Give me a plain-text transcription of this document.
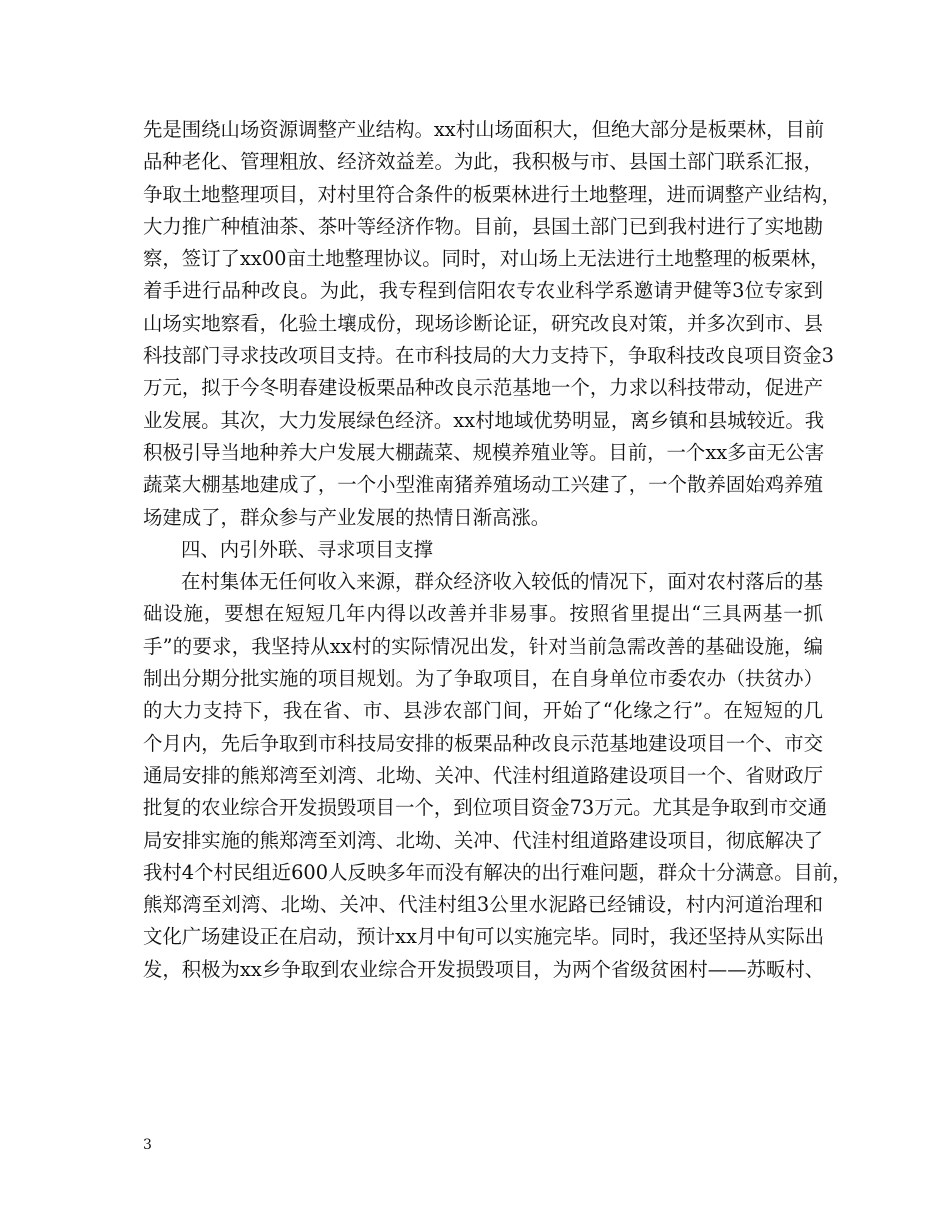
先是围绕山场资源调整产业结构。xx村山场面积大，但绝大部分是板栗林，目前
品种老化、管理粗放、经济效益差。为此，我积极与市、县国土部门联系汇报，
争取土地整理项目，对村里符合条件的板栗林进行土地整理，进而调整产业结构，
大力推广种植油茶、茶叶等经济作物。目前，县国土部门已到我村进行了实地勘
察，签订了xx00亩土地整理协议。同时，对山场上无法进行土地整理的板栗林，
着手进行品种改良。为此，我专程到信阳农专农业科学系邀请尹健等3位专家到
山场实地察看，化验土壤成份，现场诊断论证，研究改良对策，并多次到市、县
科技部门寻求技改项目支持。在市科技局的大力支持下，争取科技改良项目资金3
万元，拟于今冬明春建设板栗品种改良示范基地一个，力求以科技带动，促进产
业发展。其次，大力发展绿色经济。xx村地域优势明显，离乡镇和县城较近。我
积极引导当地种养大户发展大棚蔬菜、规模养殖业等。目前，一个xx多亩无公害
蔬菜大棚基地建成了，一个小型淮南猪养殖场动工兴建了，一个散养固始鸡养殖
场建成了，群众参与产业发展的热情日渐高涨。
四、内引外联、寻求项目支撑
在村集体无任何收入来源，群众经济收入较低的情况下，面对农村落后的基
础设施，要想在短短几年内得以改善并非易事。按照省里提出“三具两基一抓
手”的要求，我坚持从xx村的实际情况出发，针对当前急需改善的基础设施，编
制出分期分批实施的项目规划。为了争取项目，在自身单位市委农办（扶贫办）
的大力支持下，我在省、市、县涉农部门间，开始了“化缘之行”。在短短的几
个月内，先后争取到市科技局安排的板栗品种改良示范基地建设项目一个、市交
通局安排的熊郑湾至刘湾、北坳、关冲、代洼村组道路建设项目一个、省财政厅
批复的农业综合开发损毁项目一个，到位项目资金73万元。尤其是争取到市交通
局安排实施的熊郑湾至刘湾、北坳、关冲、代洼村组道路建设项目，彻底解决了
我村4个村民组近600人反映多年而没有解决的出行难问题，群众十分满意。目前，
熊郑湾至刘湾、北坳、关冲、代洼村组3公里水泥路已经铺设，村内河道治理和
文化广场建设正在启动，预计xx月中旬可以实施完毕。同时，我还坚持从实际出
发，积极为xx乡争取到农业综合开发损毁项目，为两个省级贫困村——苏畈村、
3
